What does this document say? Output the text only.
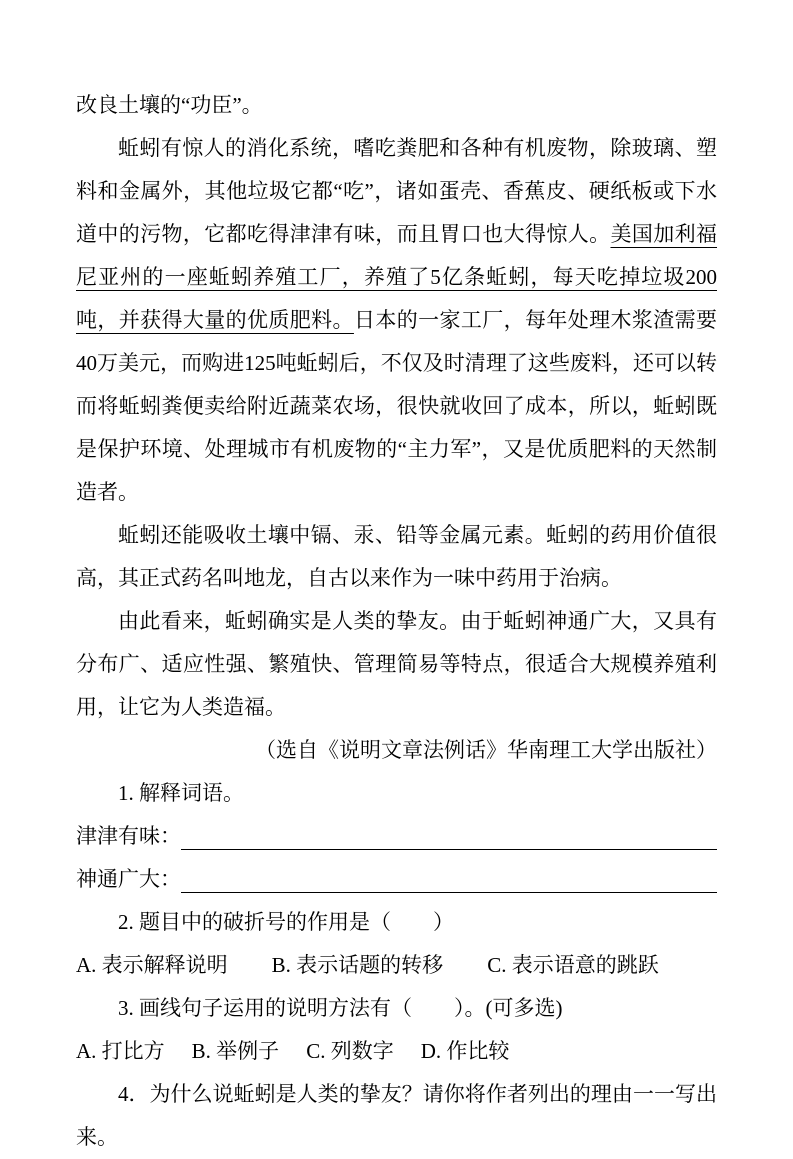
改良土壤的“功臣”。

蚯蚓有惊人的消化系统，嗜吃粪肥和各种有机废物，除玻璃、塑料和金属外，其他垃圾它都“吃”，诸如蛋壳、香蕉皮、硬纸板或下水道中的污物，它都吃得津津有味，而且胃口也大得惊人。美国加利福尼亚州的一座蚯蚓养殖工厂，养殖了5亿条蚯蚓，每天吃掉垃圾200吨，并获得大量的优质肥料。日本的一家工厂，每年处理木浆渣需要40万美元，而购进125吨蚯蚓后，不仅及时清理了这些废料，还可以转而将蚯蚓粪便卖给附近蔬菜农场，很快就收回了成本，所以，蚯蚓既是保护环境、处理城市有机废物的“主力军”，又是优质肥料的天然制造者。

蚯蚓还能吸收土壤中镉、汞、铅等金属元素。蚯蚓的药用价值很高，其正式药名叫地龙，自古以来作为一味中药用于治病。

由此看来，蚯蚓确实是人类的挚友。由于蚯蚓神通广大，又具有分布广、适应性强、繁殖快、管理简易等特点，很适合大规模养殖利用，让它为人类造福。

（选自《说明文章法例话》华南理工大学出版社）

1. 解释词语。

津津有味：
神通广大：

2. 题目中的破折号的作用是（　　）

A. 表示解释说明 B. 表示话题的转移 C. 表示语意的跳跃

3. 画线句子运用的说明方法有（　　）。(可多选)

A. 打比方 B. 举例子 C. 列数字 D. 作比较

4．为什么说蚯蚓是人类的挚友？请你将作者列出的理由一一写出来。
